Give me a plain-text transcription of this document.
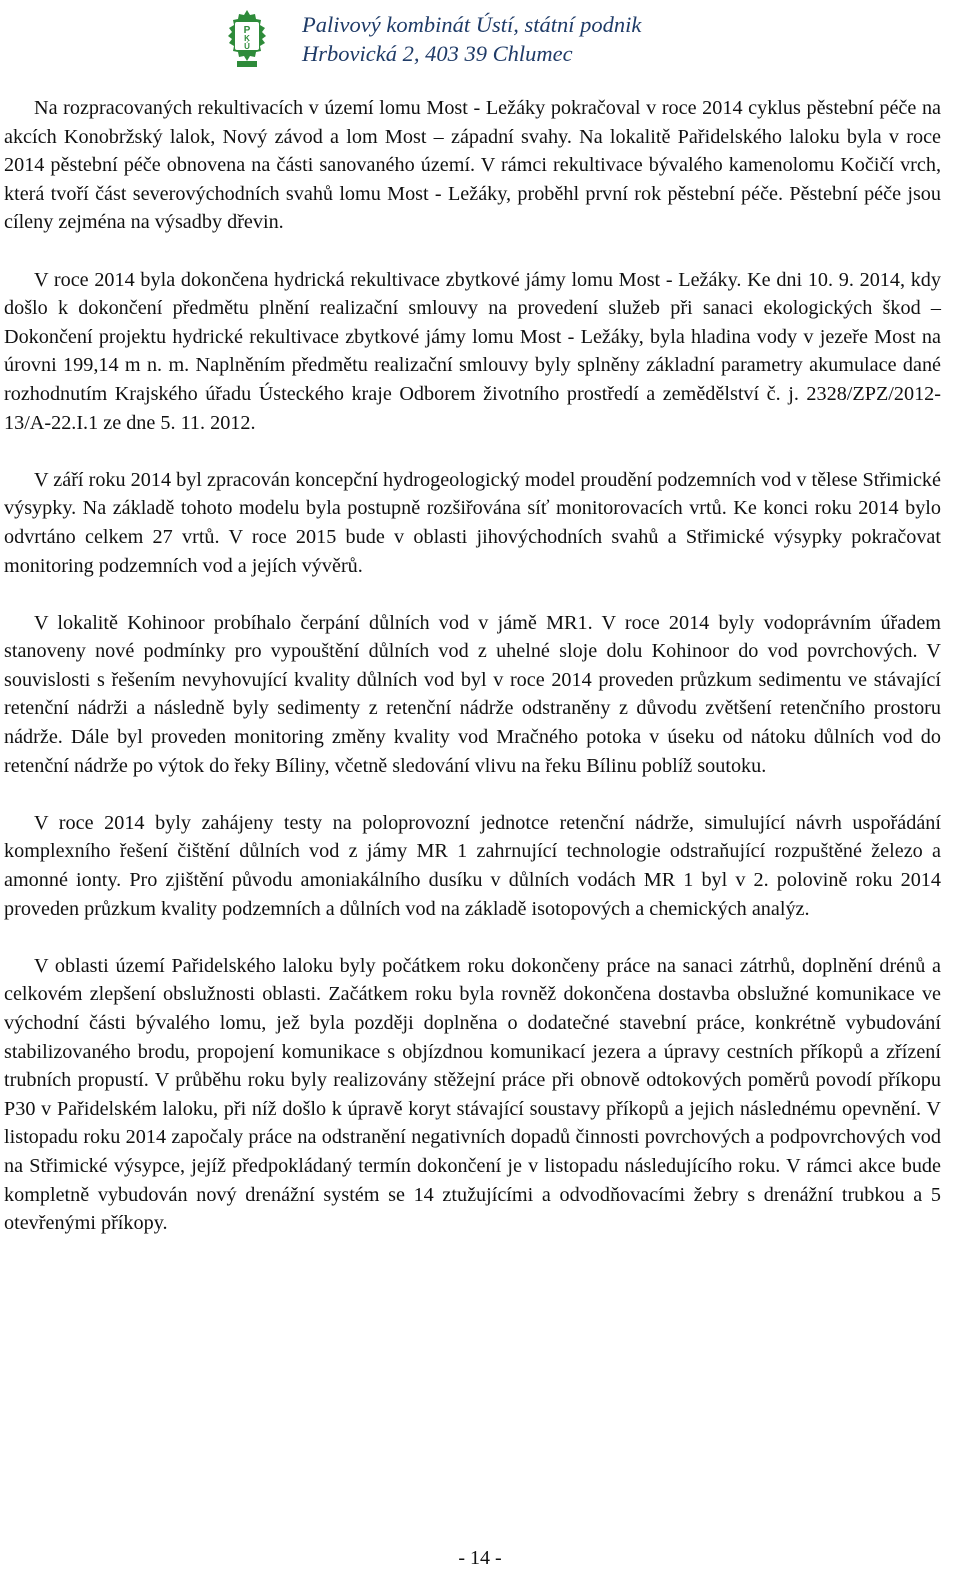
P
K
Ú
Palivový kombinát Ústí, státní podnik
Hrbovická 2, 403 39 Chlumec

Na rozpracovaných rekultivacích v území lomu Most - Ležáky pokračoval v roce 2014 cyklus pěstební péče na akcích Konobržský lalok, Nový závod a lom Most – západní svahy. Na lokalitě Pařidelského laloku byla v roce 2014 pěstební péče obnovena na části sanovaného území. V rámci rekultivace bývalého kamenolomu Kočičí vrch, která tvoří část severovýchodních svahů lomu Most - Ležáky, proběhl první rok pěstební péče. Pěstební péče jsou cíleny zejména na výsadby dřevin.

V roce 2014 byla dokončena hydrická rekultivace zbytkové jámy lomu Most - Ležáky. Ke dni 10. 9. 2014, kdy došlo k dokončení předmětu plnění realizační smlouvy na provedení služeb při sanaci ekologických škod – Dokončení projektu hydrické rekultivace zbytkové jámy lomu Most - Ležáky, byla hladina vody v jezeře Most na úrovni 199,14 m n. m. Naplněním předmětu realizační smlouvy byly splněny základní parametry akumulace dané rozhodnutím Krajského úřadu Ústeckého kraje Odborem životního prostředí a zemědělství č. j. 2328/ZPZ/2012-13/A-22.I.1 ze dne 5. 11. 2012.

V září roku 2014 byl zpracován koncepční hydrogeologický model proudění podzemních vod v tělese Střimické výsypky. Na základě tohoto modelu byla postupně rozšiřována síť monitorovacích vrtů. Ke konci roku 2014 bylo odvrtáno celkem 27 vrtů. V roce 2015 bude v oblasti jihovýchodních svahů a Střimické výsypky pokračovat monitoring podzemních vod a jejích vývěrů.

V lokalitě Kohinoor probíhalo čerpání důlních vod v jámě MR1. V roce 2014 byly vodoprávním úřadem stanoveny nové podmínky pro vypouštění důlních vod z uhelné sloje dolu Kohinoor do vod povrchových. V souvislosti s řešením nevyhovující kvality důlních vod byl v roce 2014 proveden průzkum sedimentu ve stávající retenční nádrži a následně byly sedimenty z retenční nádrže odstraněny z důvodu zvětšení retenčního prostoru nádrže. Dále byl proveden monitoring změny kvality vod Mračného potoka v úseku od nátoku důlních vod do retenční nádrže po výtok do řeky Bíliny, včetně sledování vlivu na řeku Bílinu poblíž soutoku.

V roce 2014 byly zahájeny testy na poloprovozní jednotce retenční nádrže, simulující návrh uspořádání komplexního řešení čištění důlních vod z jámy MR 1 zahrnující technologie odstraňující rozpuštěné železo a amonné ionty. Pro zjištění původu amoniakálního dusíku v důlních vodách MR 1 byl v 2. polovině roku 2014 proveden průzkum kvality podzemních a důlních vod na základě isotopových a chemických analýz.

V oblasti území Pařidelského laloku byly počátkem roku dokončeny práce na sanaci zátrhů, doplnění drénů a celkovém zlepšení obslužnosti oblasti. Začátkem roku byla rovněž dokončena dostavba obslužné komunikace ve východní části bývalého lomu, jež byla později doplněna o dodatečné stavební práce, konkrétně vybudování stabilizovaného brodu, propojení komunikace s objízdnou komunikací jezera a úpravy cestních příkopů a zřízení trubních propustí. V průběhu roku byly realizovány stěžejní práce při obnově odtokových poměrů povodí příkopu P30 v Pařidelském laloku, při níž došlo k úpravě koryt stávající soustavy příkopů a jejich následnému opevnění. V listopadu roku 2014 započaly práce na odstranění negativních dopadů činnosti povrchových a podpovrchových vod na Střimické výsypce, jejíž předpokládaný termín dokončení je v listopadu následujícího roku. V rámci akce bude kompletně vybudován nový drenážní systém se 14 ztužujícími a odvodňovacími žebry s drenážní trubkou a 5 otevřenými příkopy.

- 14 -
